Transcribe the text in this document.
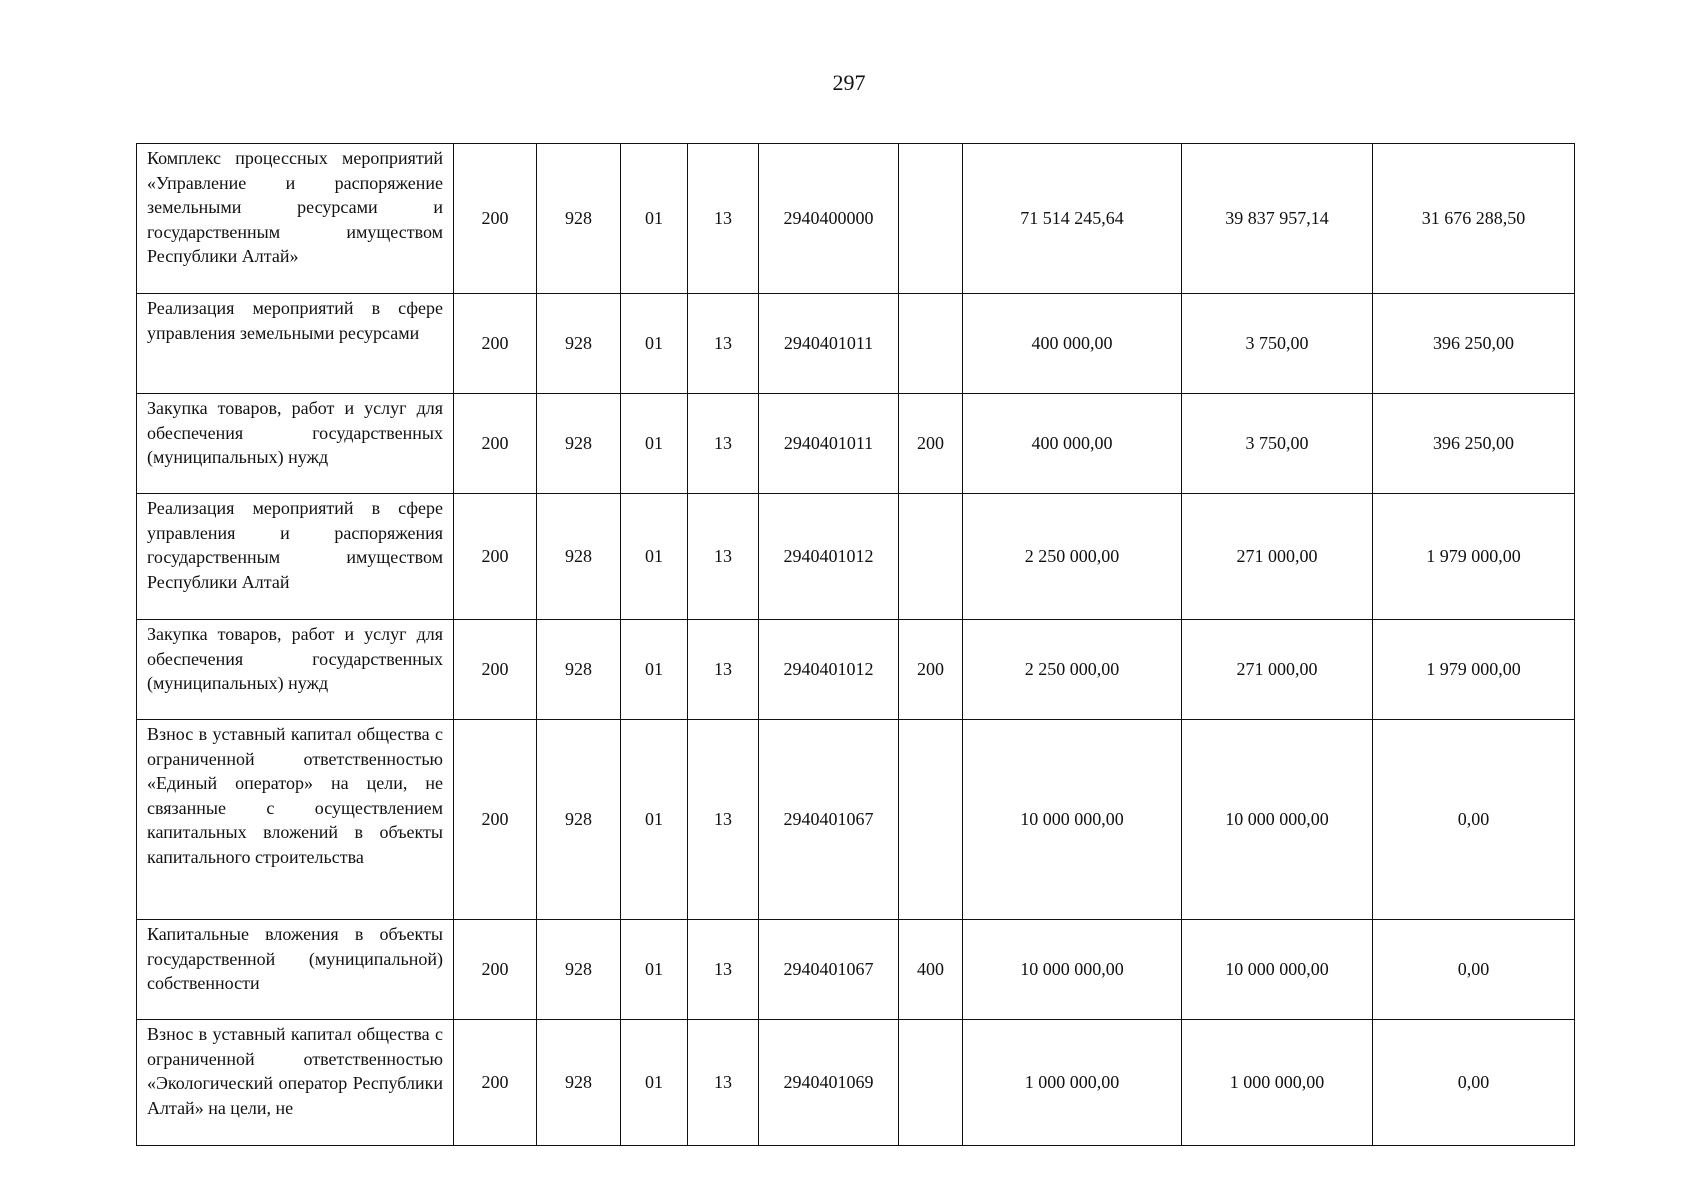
297
Комплекс процессных мероприятий «Управление и распоряжение земельными ресурсами и государственным имуществом Республики Алтай»	200	928	01	13	2940400000		71 514 245,64	39 837 957,14	31 676 288,50
Реализация мероприятий в сфере управления земельными ресурсами	200	928	01	13	2940401011		400 000,00	3 750,00	396 250,00
Закупка товаров, работ и услуг для обеспечения государственных (муниципальных) нужд	200	928	01	13	2940401011	200	400 000,00	3 750,00	396 250,00
Реализация мероприятий в сфере управления и распоряжения государственным имуществом Республики Алтай	200	928	01	13	2940401012		2 250 000,00	271 000,00	1 979 000,00
Закупка товаров, работ и услуг для обеспечения государственных (муниципальных) нужд	200	928	01	13	2940401012	200	2 250 000,00	271 000,00	1 979 000,00
Взнос в уставный капитал общества с ограниченной ответственностью «Единый оператор» на цели, не связанные с осуществлением капитальных вложений в объекты капитального строительства	200	928	01	13	2940401067		10 000 000,00	10 000 000,00	0,00
Капитальные вложения в объекты государственной (муниципальной) собственности	200	928	01	13	2940401067	400	10 000 000,00	10 000 000,00	0,00
Взнос в уставный капитал общества с ограниченной ответственностью «Экологический оператор Республики Алтай» на цели, не	200	928	01	13	2940401069		1 000 000,00	1 000 000,00	0,00
